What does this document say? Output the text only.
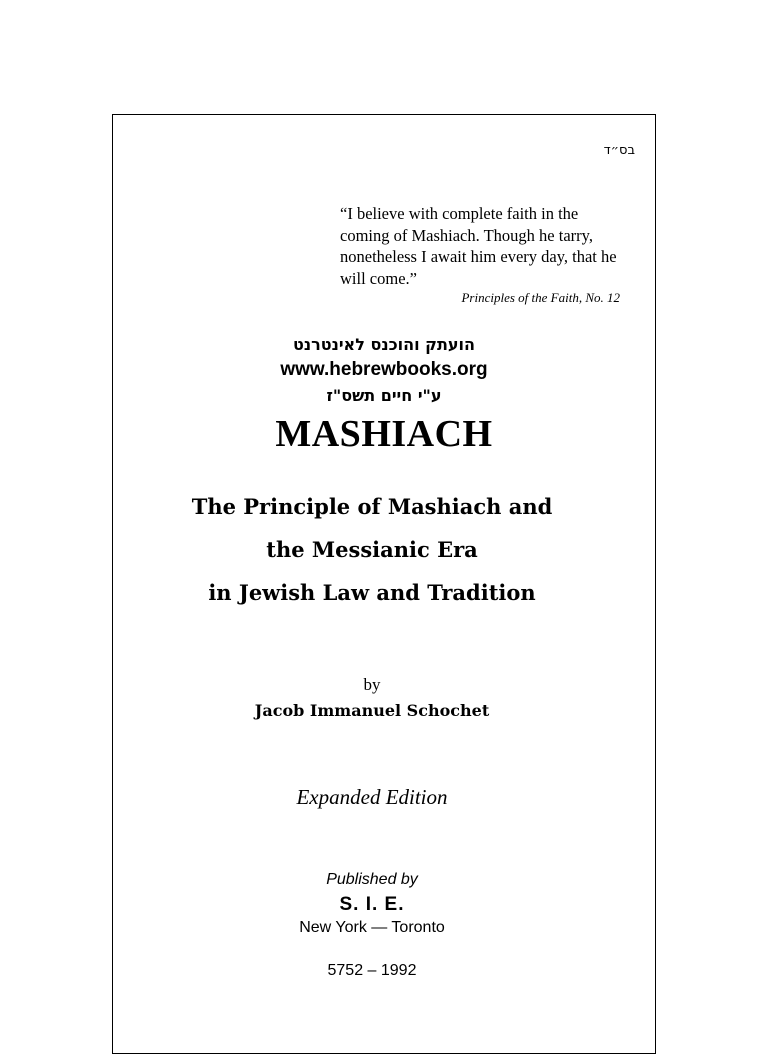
בס״ד
“I believe with complete faith in the coming of Mashiach. Though he tarry, nonetheless I await him every day, that he will come.”
Principles of the Faith, No. 12
הועתק והוכנס לאינטרנט
www.hebrewbooks.org
ע"י חיים תשס"ז
MASHIACH
The Principle of Mashiach and
the Messianic Era
in Jewish Law and Tradition
by
Jacob Immanuel Schochet
Expanded Edition
Published by
S. I. E.
New York — Toronto
5752 – 1992
